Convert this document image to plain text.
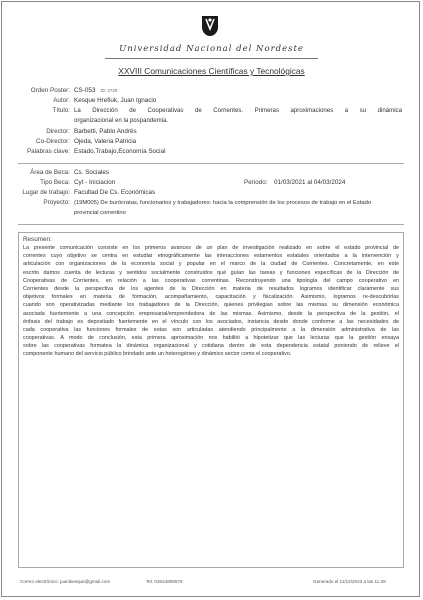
Universidad Nacional del Nordeste
XXVIII Comunicaciones Científicas y Tecnológicas
Orden Poster: CS-053 ID: 2729
Autor: Kesque Hrefiuk, Juan Ignacio
Título: La Dirección de Cooperativas de Corrientes. Primeras aproximaciones a su dinámica
organizacional en la pospandemia.
Director: Barbetti, Pablo Andrés
Co-Director: Ojeda, Valeria Patricia
Palabras clave: Estado,Trabajo,Economía Social
Área de Beca: Cs. Sociales
Tipo Beca: Cyt - Iniciacion	Periodo: 01/03/2021 al 04/03/2024
Lugar de trabajo: Facultad De Cs. Económicas
Proyecto: (19M005) De burócratas, funcionarios y trabajadores: hacia la comprensión de los procesos de trabajo en el Estado
provincial correntino
Resumen:
La presente comunicación consiste en los primeros avances de un plan de investigación realizado en sobre el estado provincial de
correntes cuyo objetivo se centra en estudiar etnográficamente las interacciones estamentos estatales orientados a la intervención y
articulación con organizaciones de la economía social y popular en el marco de la ciudad de Corrientes. Concretamente, en este
escrito damos cuenta de lecturas y sentidos socialmente construidos qué guían las tareas y funciones específicas de la Dirección de
Cooperativas de Corrientes, en relación a las cooperativas correntinas. Reconstruyendo una tipología del campo cooperativo en
Corrientes desde la perspectiva de los agentes de la Dirección en materia de resultados logramos identificar claramente sus
objetivos formales en materia de formación, acompañamiento, capacitación y fiscalización. Asimismo, logramos re-descubrirlas
cuando son operativizadas mediante los trabajadores de la Dirección, quienes privilegian sobre las mismas su dimensión económica
asociada fuertemente a una concepción empresarial/emprendedora de las mismas. Asimismo, desde la perspectiva de la gestión, el
énfasis del trabajo es depositado fuertemente en el vínculo con los asociados, instancia desde donde conforme a las necesidades de
cada cooperativa las funciones formales de estas son articuladas atendiendo principalmente a la dimensión administrativa de las
cooperativas. A modo de conclusión, esta primera aproximación nos habilitó a hipotetizar que las lecturas que la gestión ensaya
sobre las cooperativas formatea la dinámica organizacional y cotidiana dentro de esta dependencia estatal poniendo de relieve el
componente humano del servicio público brindado ante un heterogéneo y dinámico sector como el cooperativo.
Correo electrónico: juanikesque@gmail.com	Tel. 03624809579	Generado el 11/12/2023 a las 11:28
